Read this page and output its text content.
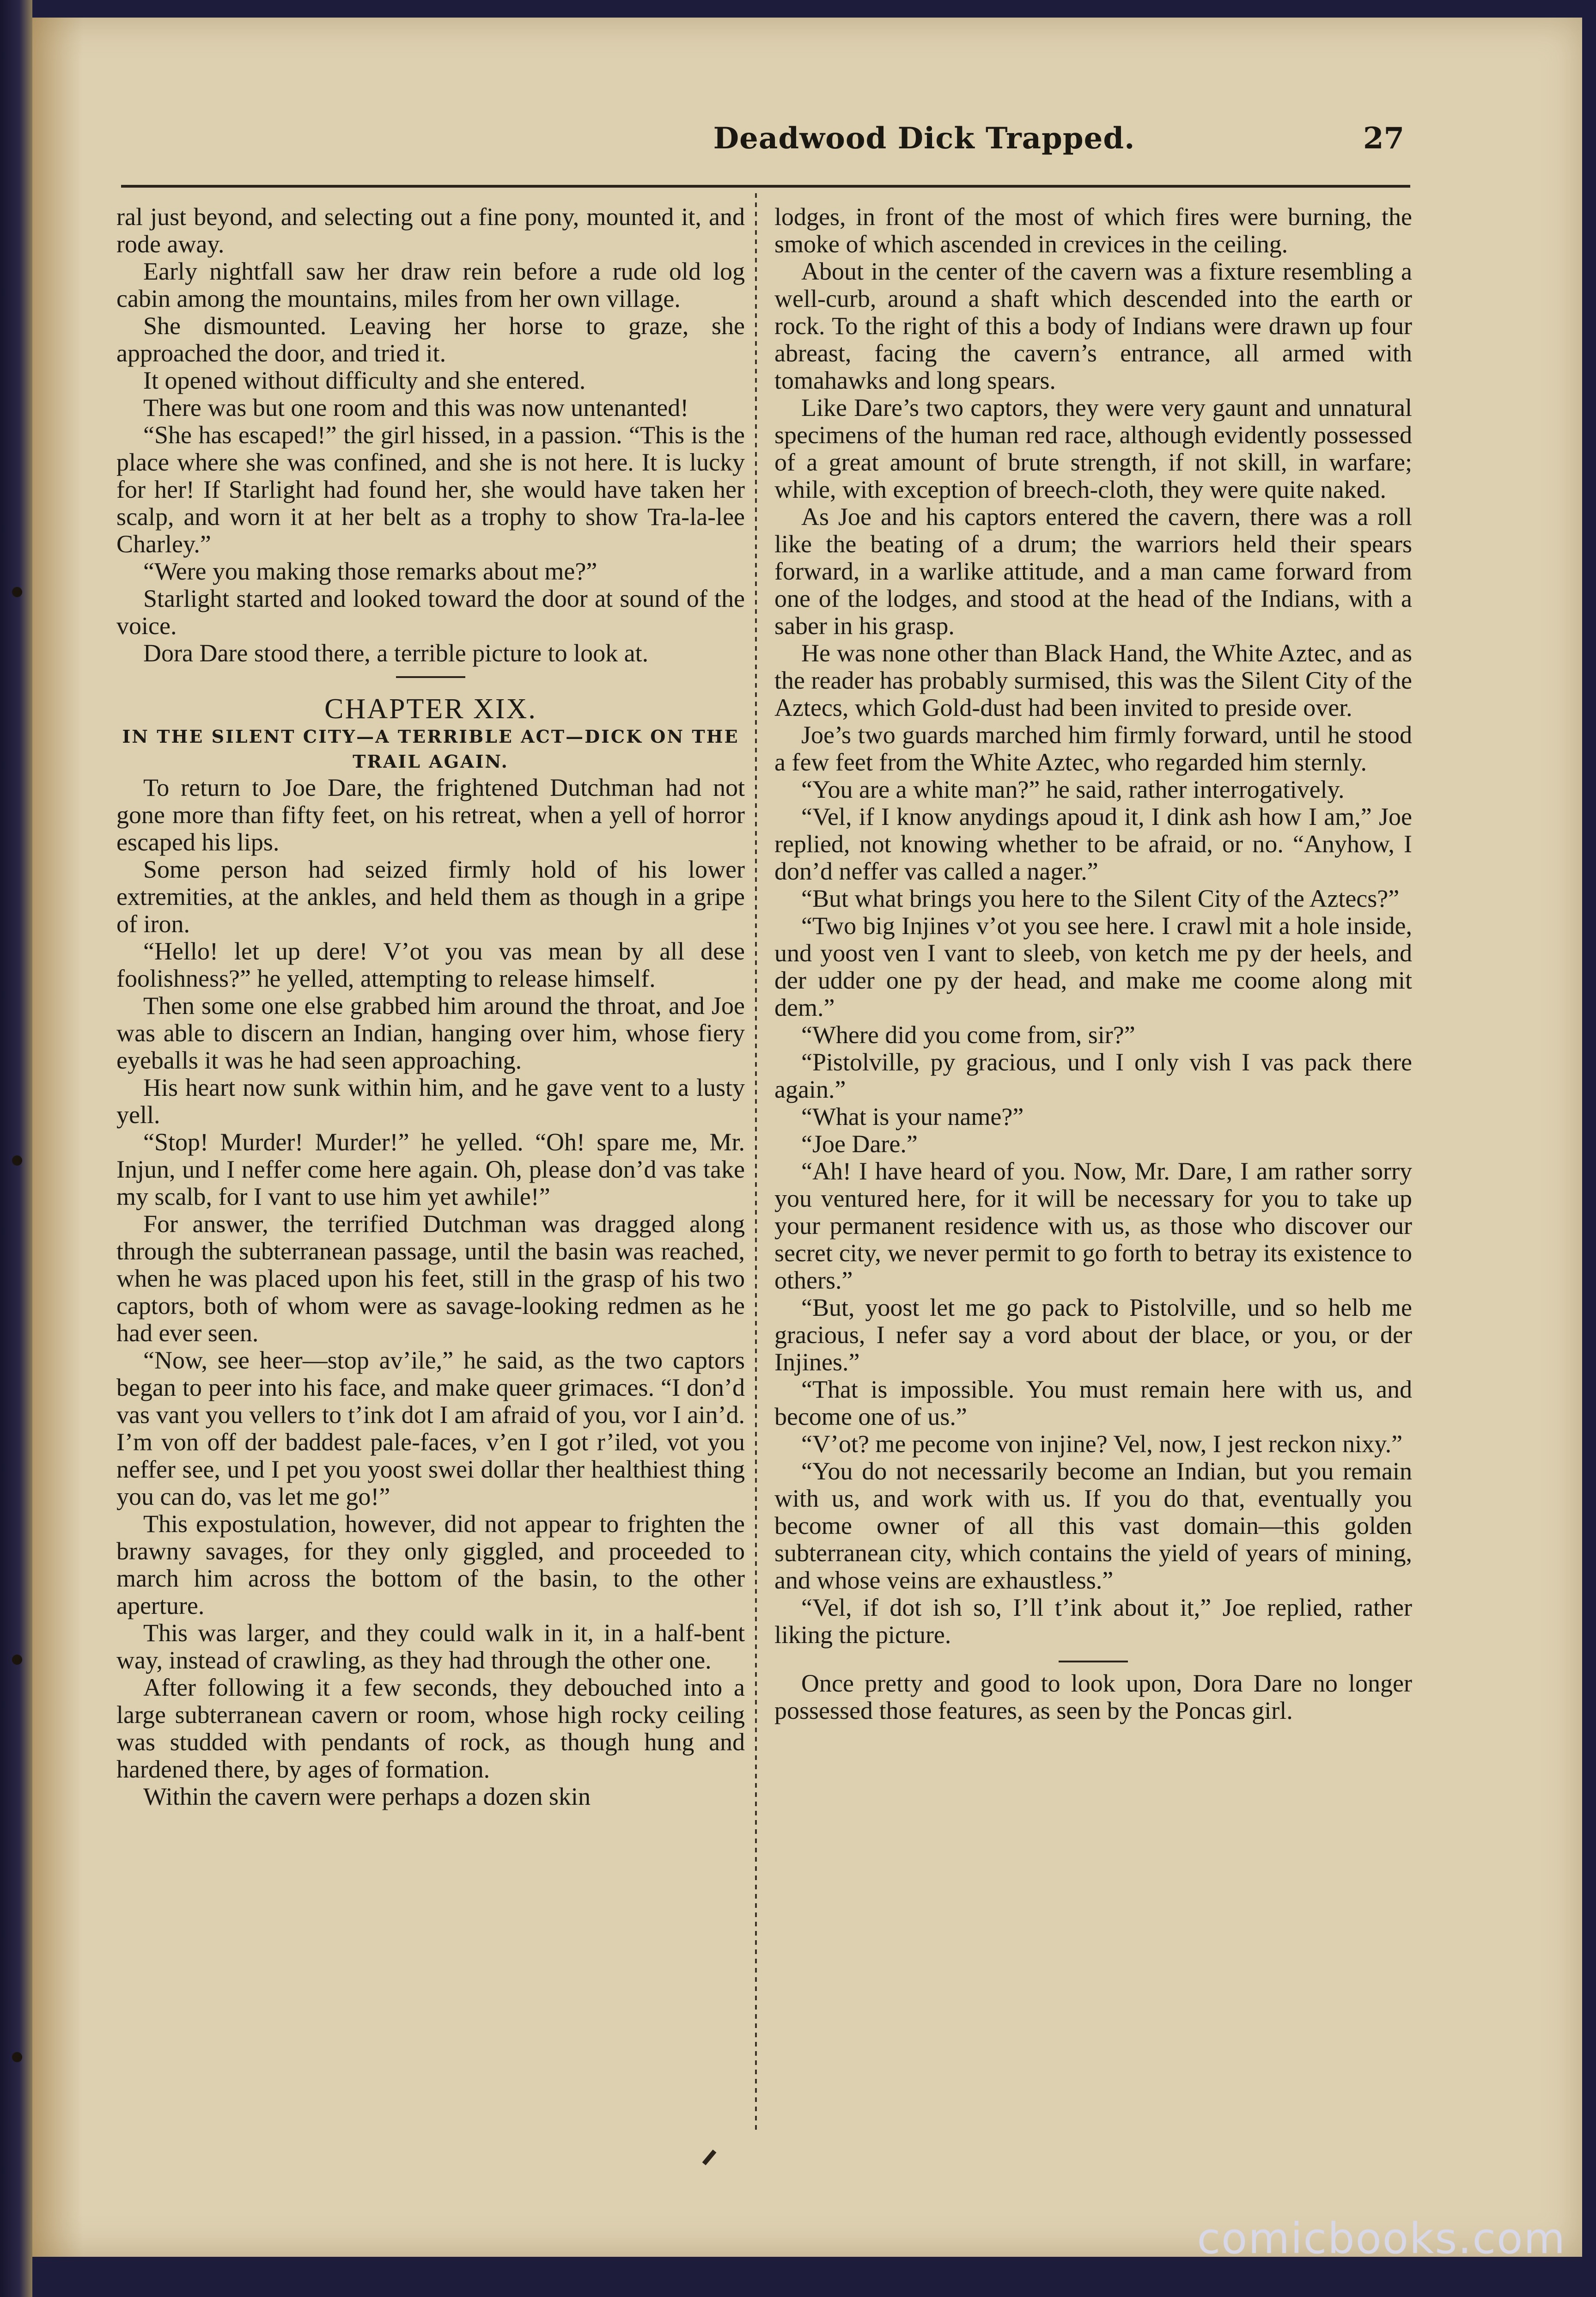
Deadwood Dick Trapped.	27

ral just beyond, and selecting out a fine pony, mounted it, and rode away.

Early nightfall saw her draw rein before a rude old log cabin among the mountains, miles from her own village.

She dismounted. Leaving her horse to graze, she approached the door, and tried it.

It opened without difficulty and she entered.

There was but one room and this was now untenanted!

“She has escaped!” the girl hissed, in a passion. “This is the place where she was confined, and she is not here. It is lucky for her! If Starlight had found her, she would have taken her scalp, and worn it at her belt as a trophy to show Tra-la-lee Charley.”

“Were you making those remarks about me?”

Starlight started and looked toward the door at sound of the voice.

Dora Dare stood there, a terrible picture to look at.

CHAPTER XIX.
IN THE SILENT CITY—A TERRIBLE ACT—DICK ON THE TRAIL AGAIN.

To return to Joe Dare, the frightened Dutchman had not gone more than fifty feet, on his retreat, when a yell of horror escaped his lips.

Some person had seized firmly hold of his lower extremities, at the ankles, and held them as though in a gripe of iron.

“Hello! let up dere! V’ot you vas mean by all dese foolishness?” he yelled, attempting to release himself.

Then some one else grabbed him around the throat, and Joe was able to discern an Indian, hanging over him, whose fiery eyeballs it was he had seen approaching.

His heart now sunk within him, and he gave vent to a lusty yell.

“Stop! Murder! Murder!” he yelled. “Oh! spare me, Mr. Injun, und I neffer come here again. Oh, please don’d vas take my scalb, for I vant to use him yet awhile!”

For answer, the terrified Dutchman was dragged along through the subterranean passage, until the basin was reached, when he was placed upon his feet, still in the grasp of his two captors, both of whom were as savage-looking redmen as he had ever seen.

“Now, see heer—stop av’ile,” he said, as the two captors began to peer into his face, and make queer grimaces. “I don’d vas vant you vellers to t’ink dot I am afraid of you, vor I ain’d. I’m von off der baddest pale-faces, v’en I got r’iled, vot you neffer see, und I pet you yoost swei dollar ther healthiest thing you can do, vas let me go!”

This expostulation, however, did not appear to frighten the brawny savages, for they only giggled, and proceeded to march him across the bottom of the basin, to the other aperture.

This was larger, and they could walk in it, in a half-bent way, instead of crawling, as they had through the other one.

After following it a few seconds, they debouched into a large subterranean cavern or room, whose high rocky ceiling was studded with pendants of rock, as though hung and hardened there, by ages of formation.

Within the cavern were perhaps a dozen skin

lodges, in front of the most of which fires were burning, the smoke of which ascended in crevices in the ceiling.

About in the center of the cavern was a fixture resembling a well-curb, around a shaft which descended into the earth or rock. To the right of this a body of Indians were drawn up four abreast, facing the cavern’s entrance, all armed with tomahawks and long spears.

Like Dare’s two captors, they were very gaunt and unnatural specimens of the human red race, although evidently possessed of a great amount of brute strength, if not skill, in warfare; while, with exception of breech-cloth, they were quite naked.

As Joe and his captors entered the cavern, there was a roll like the beating of a drum; the warriors held their spears forward, in a warlike attitude, and a man came forward from one of the lodges, and stood at the head of the Indians, with a saber in his grasp.

He was none other than Black Hand, the White Aztec, and as the reader has probably surmised, this was the Silent City of the Aztecs, which Gold-dust had been invited to preside over.

Joe’s two guards marched him firmly forward, until he stood a few feet from the White Aztec, who regarded him sternly.

“You are a white man?” he said, rather interrogatively.

“Vel, if I know anydings apoud it, I dink ash how I am,” Joe replied, not knowing whether to be afraid, or no. “Anyhow, I don’d neffer vas called a nager.”

“But what brings you here to the Silent City of the Aztecs?”

“Two big Injines v’ot you see here. I crawl mit a hole inside, und yoost ven I vant to sleeb, von ketch me py der heels, and der udder one py der head, and make me coome along mit dem.”

“Where did you come from, sir?”

“Pistolville, py gracious, und I only vish I vas pack there again.”

“What is your name?”

“Joe Dare.”

“Ah! I have heard of you. Now, Mr. Dare, I am rather sorry you ventured here, for it will be necessary for you to take up your permanent residence with us, as those who discover our secret city, we never permit to go forth to betray its existence to others.”

“But, yoost let me go pack to Pistolville, und so helb me gracious, I nefer say a vord about der blace, or you, or der Injines.”

“That is impossible. You must remain here with us, and become one of us.”

“V’ot? me pecome von injine? Vel, now, I jest reckon nixy.”

“You do not necessarily become an Indian, but you remain with us, and work with us. If you do that, eventually you become owner of all this vast domain—this golden subterranean city, which contains the yield of years of mining, and whose veins are exhaustless.”

“Vel, if dot ish so, I’ll t’ink about it,” Joe replied, rather liking the picture.

Once pretty and good to look upon, Dora Dare no longer possessed those features, as seen by the Poncas girl.

comicbooks.com
